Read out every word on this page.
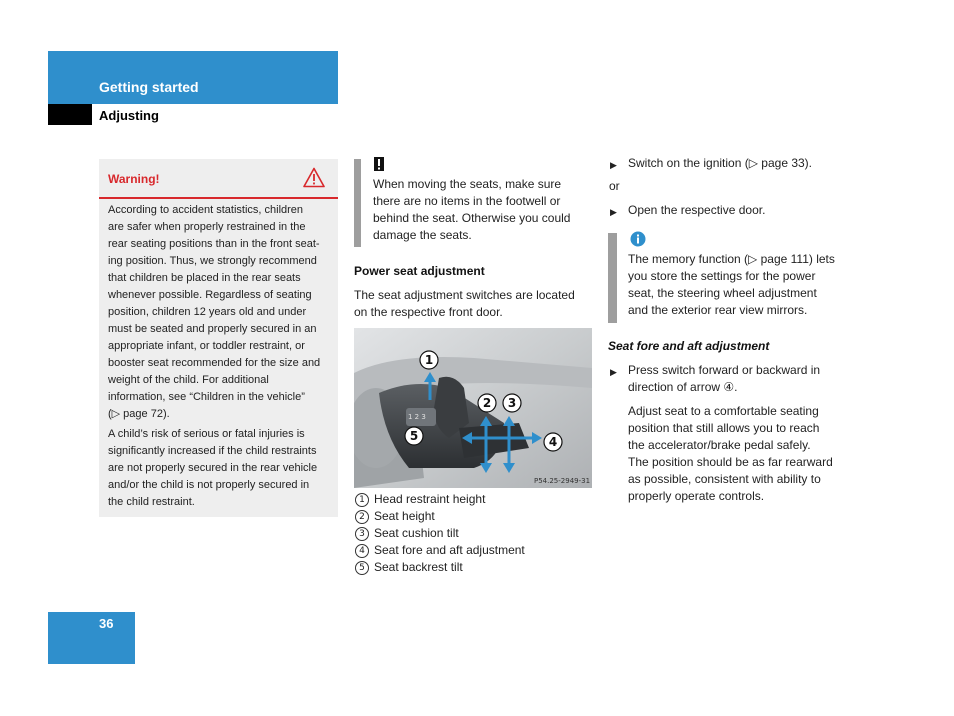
Getting started
Adjusting
Warning!
According to accident statistics, children
are safer when properly restrained in the
rear seating positions than in the front seat-
ing position. Thus, we strongly recommend
that children be placed in the rear seats
whenever possible. Regardless of seating
position, children 12 years old and under
must be seated and properly secured in an
appropriate infant, or toddler restraint, or
booster seat recommended for the size and
weight of the child. For additional
information, see “Children in the vehicle”
(▷ page 72).
A child’s risk of serious or fatal injuries is
significantly increased if the child restraints
are not properly secured in the rear vehicle
and/or the child is not properly secured in
the child restraint.
When moving the seats, make sure
there are no items in the footwell or
behind the seat. Otherwise you could
damage the seats.
Power seat adjustment
The seat adjustment switches are located
on the respective front door.
1 2 3
1
2 3
4
5
P54.25-2949-31
1 Head restraint height
2 Seat height
3 Seat cushion tilt
4 Seat fore and aft adjustment
5 Seat backrest tilt
▶ Switch on the ignition (▷ page 33).
or
▶ Open the respective door.
The memory function (▷ page 111) lets
you store the settings for the power
seat, the steering wheel adjustment
and the exterior rear view mirrors.
Seat fore and aft adjustment
▶ Press switch forward or backward in
direction of arrow ④.
Adjust seat to a comfortable seating
position that still allows you to reach
the accelerator/brake pedal safely.
The position should be as far rearward
as possible, consistent with ability to
properly operate controls.
36
